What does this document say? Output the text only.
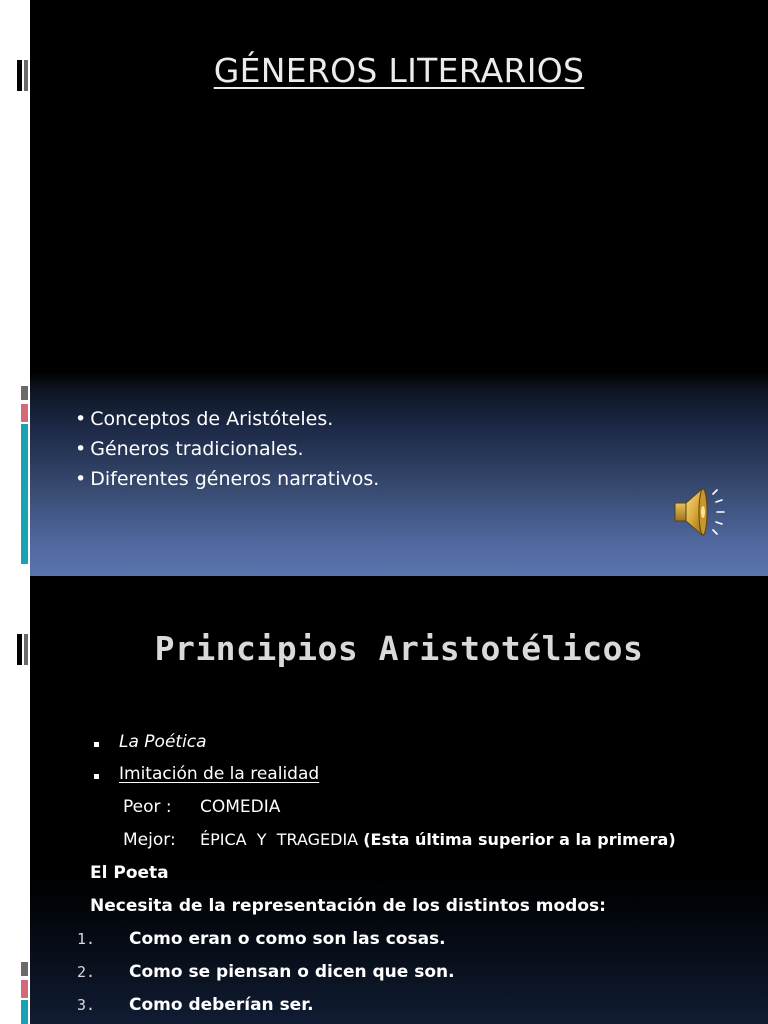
GÉNEROS LITERARIOS
• Conceptos de Aristóteles.
• Géneros tradicionales.
• Diferentes géneros narrativos.
Principios Aristotélicos
La Poética
Imitación de la realidad
Peor : COMEDIA
Mejor: ÉPICA  Y  TRAGEDIA (Esta última superior a la primera)
El Poeta
Necesita de la representación de los distintos modos:
1. Como eran o como son las cosas.
2. Como se piensan o dicen que son.
3. Como deberían ser.
